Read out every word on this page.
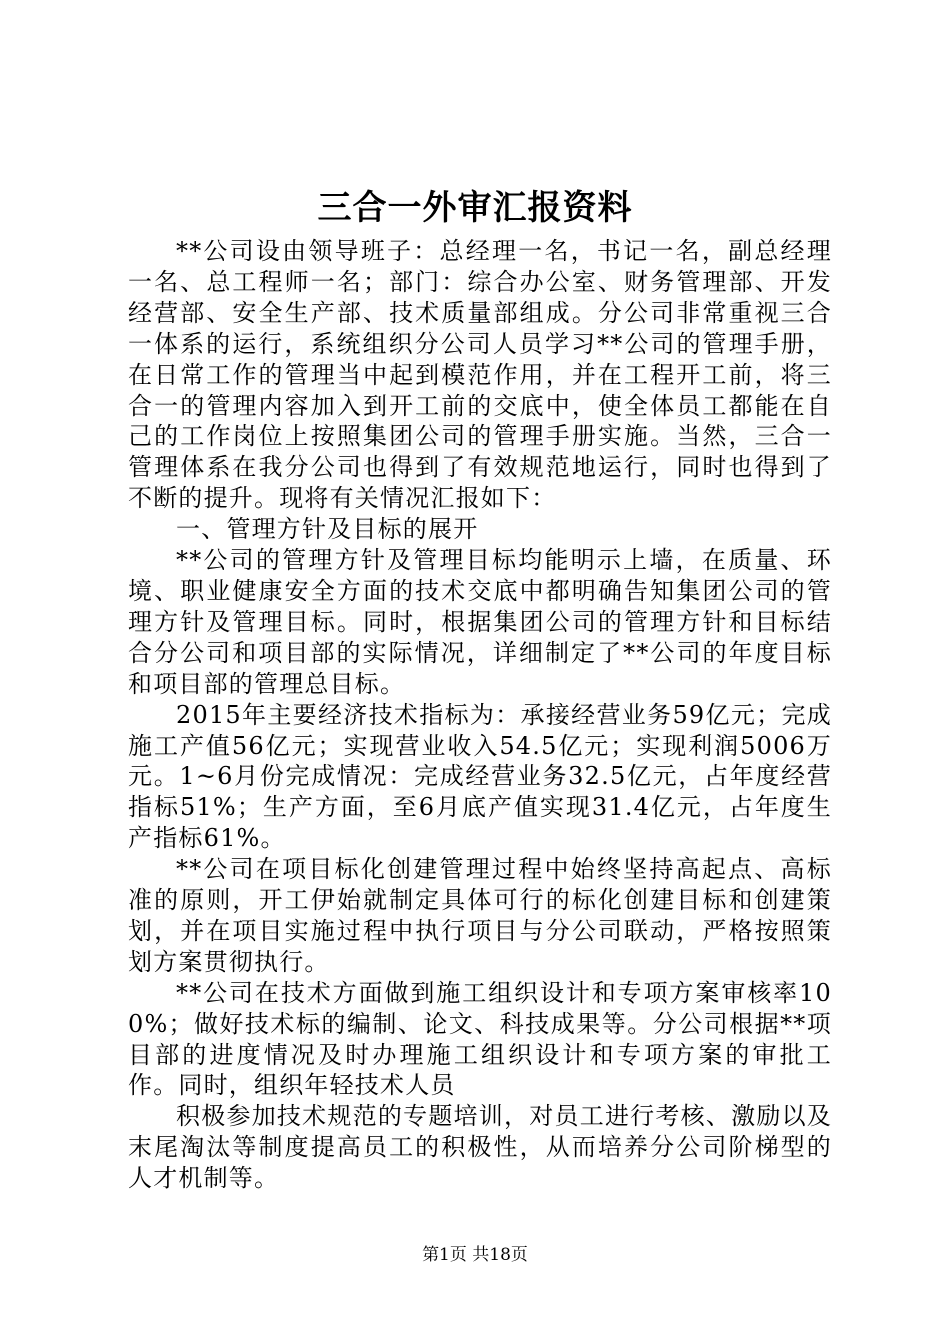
三合一外审汇报资料

**公司设由领导班子：总经理一名，书记一名，副总经理一名、总工程师一名；部门：综合办公室、财务管理部、开发经营部、安全生产部、技术质量部组成。分公司非常重视三合一体系的运行，系统组织分公司人员学习**公司的管理手册，在日常工作的管理当中起到模范作用，并在工程开工前，将三合一的管理内容加入到开工前的交底中，使全体员工都能在自己的工作岗位上按照集团公司的管理手册实施。当然，三合一管理体系在我分公司也得到了有效规范地运行，同时也得到了不断的提升。现将有关情况汇报如下：

一、管理方针及目标的展开

**公司的管理方针及管理目标均能明示上墙，在质量、环境、职业健康安全方面的技术交底中都明确告知集团公司的管理方针及管理目标。同时，根据集团公司的管理方针和目标结合分公司和项目部的实际情况，详细制定了**公司的年度目标和项目部的管理总目标。

2015年主要经济技术指标为：承接经营业务59亿元；完成施工产值56亿元；实现营业收入54.5亿元；实现利润5006万元。1~6月份完成情况：完成经营业务32.5亿元，占年度经营指标51%；生产方面，至6月底产值实现31.4亿元，占年度生产指标61%。

**公司在项目标化创建管理过程中始终坚持高起点、高标准的原则，开工伊始就制定具体可行的标化创建目标和创建策划，并在项目实施过程中执行项目与分公司联动，严格按照策划方案贯彻执行。

**公司在技术方面做到施工组织设计和专项方案审核率100%；做好技术标的编制、论文、科技成果等。分公司根据**项目部的进度情况及时办理施工组织设计和专项方案的审批工作。同时，组织年轻技术人员

积极参加技术规范的专题培训，对员工进行考核、激励以及末尾淘汰等制度提高员工的积极性，从而培养分公司阶梯型的人才机制等。

第1页 共18页
